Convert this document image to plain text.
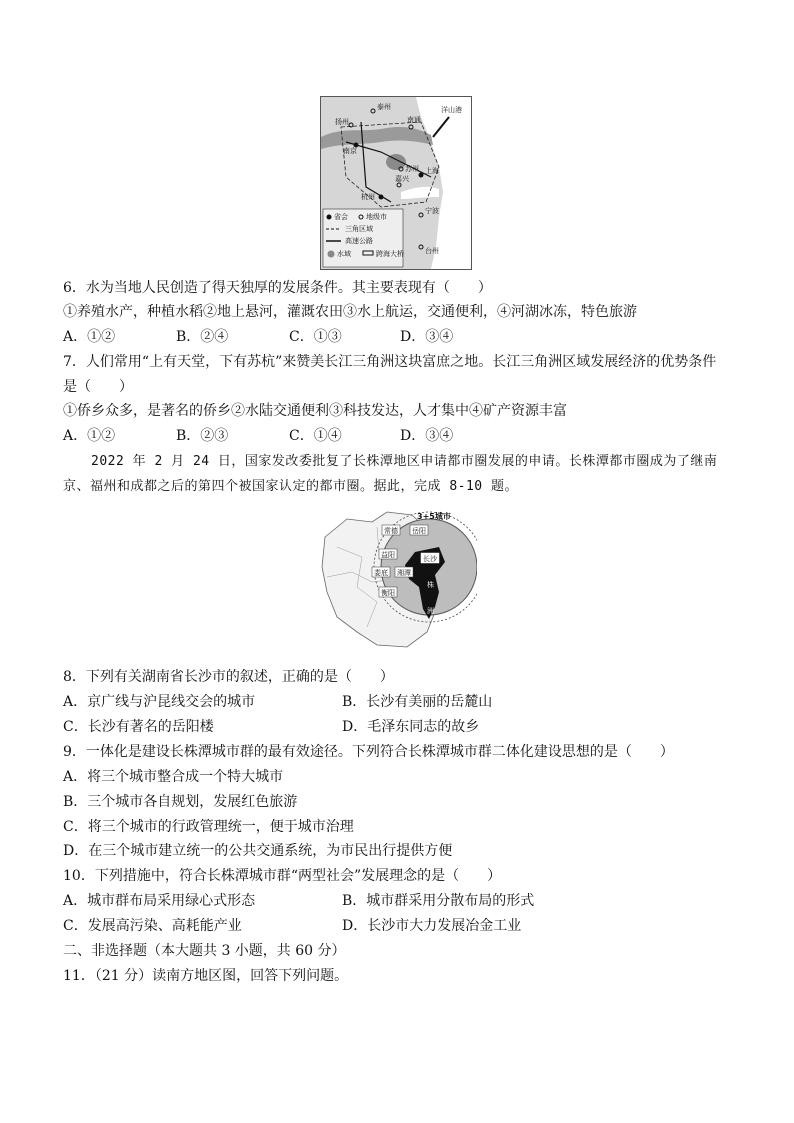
泰州
扬州	南通
洋山港
南京
苏州 上海
嘉兴
杭州
宁波
台州
省会	地级市
三角区域
高速公路
水域	跨海大桥
6．水为当地人民创造了得天独厚的发展条件。其主要表现有（　　）
①养殖水产，种植水稻②地上悬河，灌溉农田③水上航运，交通便利，④河湖冰冻，特色旅游
A．①②	B．②④	C．①③	D．③④
7．人们常用“上有天堂，下有苏杭”来赞美长江三角洲这块富庶之地。长江三角洲区域发展经济的优势条件
是（　　）
①侨乡众多，是著名的侨乡②水陆交通便利③科技发达，人才集中④矿产资源丰富
A．①②	B．②③	C．①④	D．③④
2022 年 2 月 24 日，国家发改委批复了长株潭地区申请都市圈发展的申请。长株潭都市圈成为了继南
京、福州和成都之后的第四个被国家认定的都市圈。据此，完成 8-10 题。
3+5城市
常德 岳阳
益阳	长沙
娄底 湘潭
株
衡阳
洲
8．下列有关湖南省长沙市的叙述，正确的是（　　）
A．京广线与沪昆线交会的城市	B．长沙有美丽的岳麓山
C．长沙有著名的岳阳楼	D．毛泽东同志的故乡
9．一体化是建设长株潭城市群的最有效途径。下列符合长株潭城市群二体化建设思想的是（　　）
A．将三个城市整合成一个特大城市
B．三个城市各自规划，发展红色旅游
C．将三个城市的行政管理统一，便于城市治理
D．在三个城市建立统一的公共交通系统，为市民出行提供方便
10．下列措施中，符合长株潭城市群“两型社会”发展理念的是（　　）
A．城市群布局采用绿心式形态	B．城市群采用分散布局的形式
C．发展高污染、高耗能产业	D．长沙市大力发展冶金工业
二、非选择题（本大题共 3 小题，共 60 分）
11．（21 分）读南方地区图，回答下列问题。
